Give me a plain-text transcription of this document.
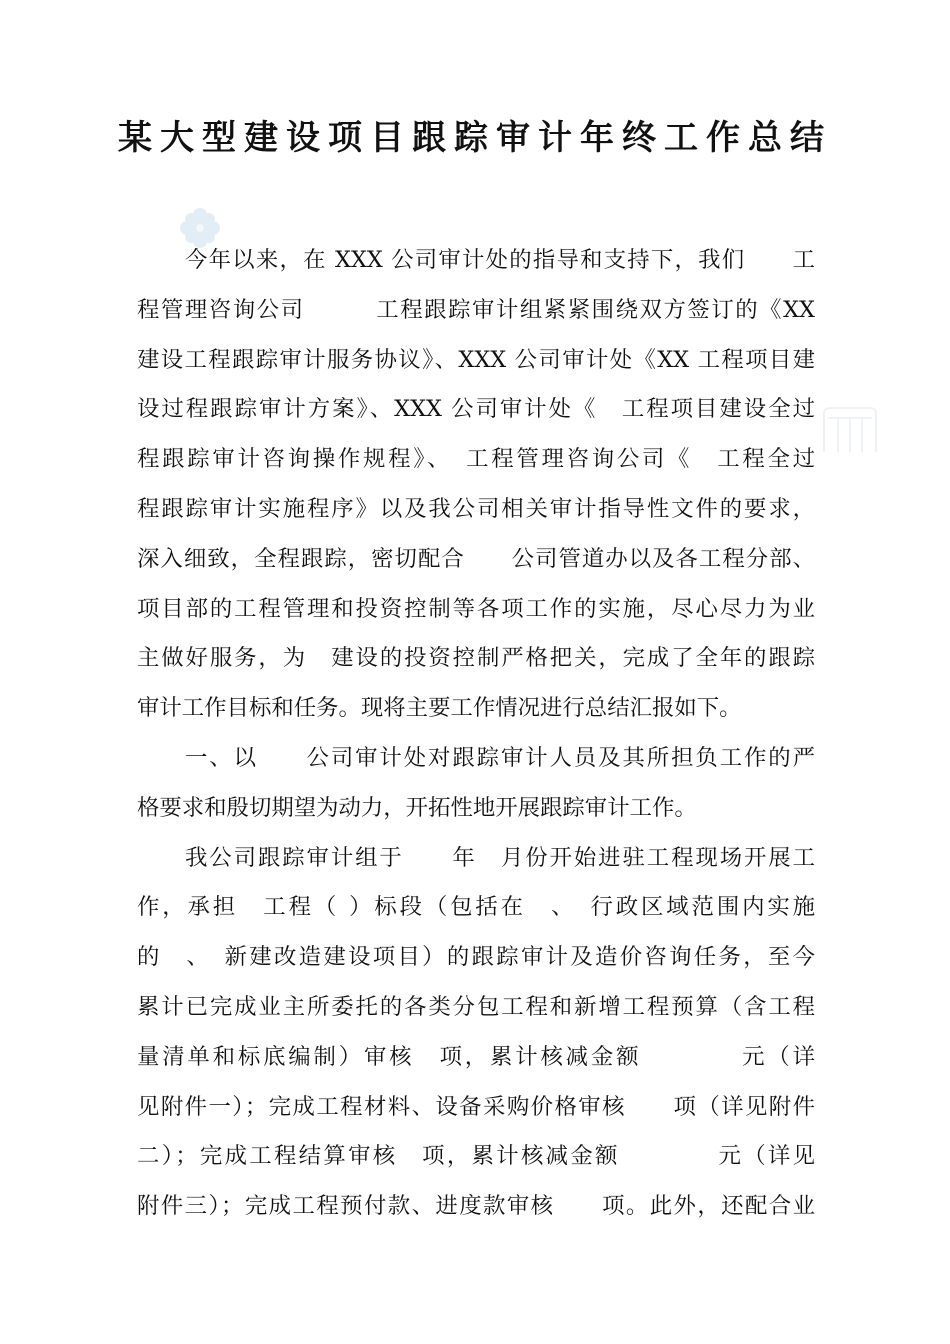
某大型建设项目跟踪审计年终工作总结
今年以来，在 XXX 公司审计处的指导和支持下，我们　　工
程管理咨询公司　　　工程跟踪审计组紧紧围绕双方签订的《XX
建设工程跟踪审计服务协议》、XXX 公司审计处《XX 工程项目建
设过程跟踪审计方案》、XXX 公司审计处《　工程项目建设全过
程跟踪审计咨询操作规程》、　工程管理咨询公司《　工程全过
程跟踪审计实施程序》以及我公司相关审计指导性文件的要求，
深入细致，全程跟踪，密切配合　　公司管道办以及各工程分部、
项目部的工程管理和投资控制等各项工作的实施，尽心尽力为业
主做好服务，为　建设的投资控制严格把关，完成了全年的跟踪
审计工作目标和任务。现将主要工作情况进行总结汇报如下。
一、以　　公司审计处对跟踪审计人员及其所担负工作的严
格要求和殷切期望为动力，开拓性地开展跟踪审计工作。
我公司跟踪审计组于　　年　月份开始进驻工程现场开展工
作，承担　工程（ ）标段（包括在　、　行政区域范围内实施
的　、　新建改造建设项目）的跟踪审计及造价咨询任务，至今
累计已完成业主所委托的各类分包工程和新增工程预算（含工程
量清单和标底编制）审核　项，累计核减金额　　　　元（详
见附件一）；完成工程材料、设备采购价格审核　　项（详见附件
二）；完成工程结算审核　项，累计核减金额　　　　元（详见
附件三）；完成工程预付款、进度款审核　　项。此外，还配合业
